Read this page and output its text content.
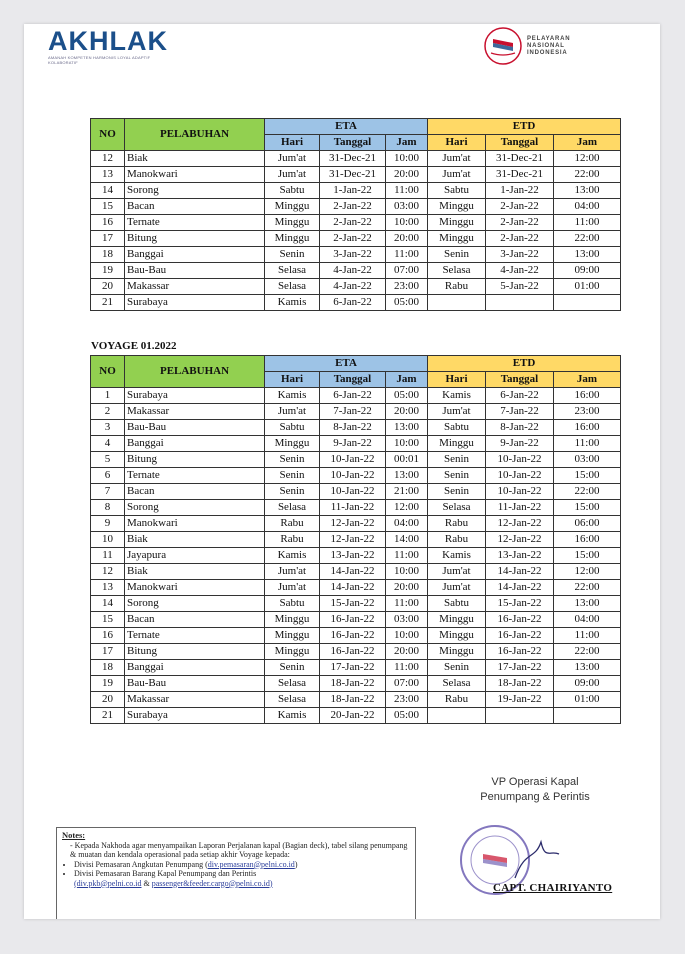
AKHLAK
AMANAH KOMPETEN HARMONIS LOYAL ADAPTIF KOLABORATIF
PELAYARAN
NASIONAL
INDONESIA
NO	PELABUHAN	ETA			ETD		
		Hari	Tanggal	Jam	Hari	Tanggal	Jam
12	Biak	Jum'at	31-Dec-21	10:00	Jum'at	31-Dec-21	12:00
13	Manokwari	Jum'at	31-Dec-21	20:00	Jum'at	31-Dec-21	22:00
14	Sorong	Sabtu	1-Jan-22	11:00	Sabtu	1-Jan-22	13:00
15	Bacan	Minggu	2-Jan-22	03:00	Minggu	2-Jan-22	04:00
16	Ternate	Minggu	2-Jan-22	10:00	Minggu	2-Jan-22	11:00
17	Bitung	Minggu	2-Jan-22	20:00	Minggu	2-Jan-22	22:00
18	Banggai	Senin	3-Jan-22	11:00	Senin	3-Jan-22	13:00
19	Bau-Bau	Selasa	4-Jan-22	07:00	Selasa	4-Jan-22	09:00
20	Makassar	Selasa	4-Jan-22	23:00	Rabu	5-Jan-22	01:00
21	Surabaya	Kamis	6-Jan-22	05:00			
VOYAGE 01.2022
NO	PELABUHAN	ETA			ETD		
		Hari	Tanggal	Jam	Hari	Tanggal	Jam
1	Surabaya	Kamis	6-Jan-22	05:00	Kamis	6-Jan-22	16:00
2	Makassar	Jum'at	7-Jan-22	20:00	Jum'at	7-Jan-22	23:00
3	Bau-Bau	Sabtu	8-Jan-22	13:00	Sabtu	8-Jan-22	16:00
4	Banggai	Minggu	9-Jan-22	10:00	Minggu	9-Jan-22	11:00
5	Bitung	Senin	10-Jan-22	00:01	Senin	10-Jan-22	03:00
6	Ternate	Senin	10-Jan-22	13:00	Senin	10-Jan-22	15:00
7	Bacan	Senin	10-Jan-22	21:00	Senin	10-Jan-22	22:00
8	Sorong	Selasa	11-Jan-22	12:00	Selasa	11-Jan-22	15:00
9	Manokwari	Rabu	12-Jan-22	04:00	Rabu	12-Jan-22	06:00
10	Biak	Rabu	12-Jan-22	14:00	Rabu	12-Jan-22	16:00
11	Jayapura	Kamis	13-Jan-22	11:00	Kamis	13-Jan-22	15:00
12	Biak	Jum'at	14-Jan-22	10:00	Jum'at	14-Jan-22	12:00
13	Manokwari	Jum'at	14-Jan-22	20:00	Jum'at	14-Jan-22	22:00
14	Sorong	Sabtu	15-Jan-22	11:00	Sabtu	15-Jan-22	13:00
15	Bacan	Minggu	16-Jan-22	03:00	Minggu	16-Jan-22	04:00
16	Ternate	Minggu	16-Jan-22	10:00	Minggu	16-Jan-22	11:00
17	Bitung	Minggu	16-Jan-22	20:00	Minggu	16-Jan-22	22:00
18	Banggai	Senin	17-Jan-22	11:00	Senin	17-Jan-22	13:00
19	Bau-Bau	Selasa	18-Jan-22	07:00	Selasa	18-Jan-22	09:00
20	Makassar	Selasa	18-Jan-22	23:00	Rabu	19-Jan-22	01:00
21	Surabaya	Kamis	20-Jan-22	05:00			
VP Operasi Kapal
Penumpang & Perintis
CAPT. CHAIRIYANTO
Notes:
- Kepada Nakhoda agar menyampaikan Laporan Perjalanan kapal (Bagian deck), tabel silang penumpang & muatan dan kendala operasional pada setiap akhir Voyage kepada:
• Divisi Pemasaran Angkutan Penumpang (div.pemasaran@pelni.co.id)
• Divisi Pemasaran Barang Kapal Penumpang dan Perintis
(div.pkb@pelni.co.id & passenger&feeder.cargo@pelni.co.id)
